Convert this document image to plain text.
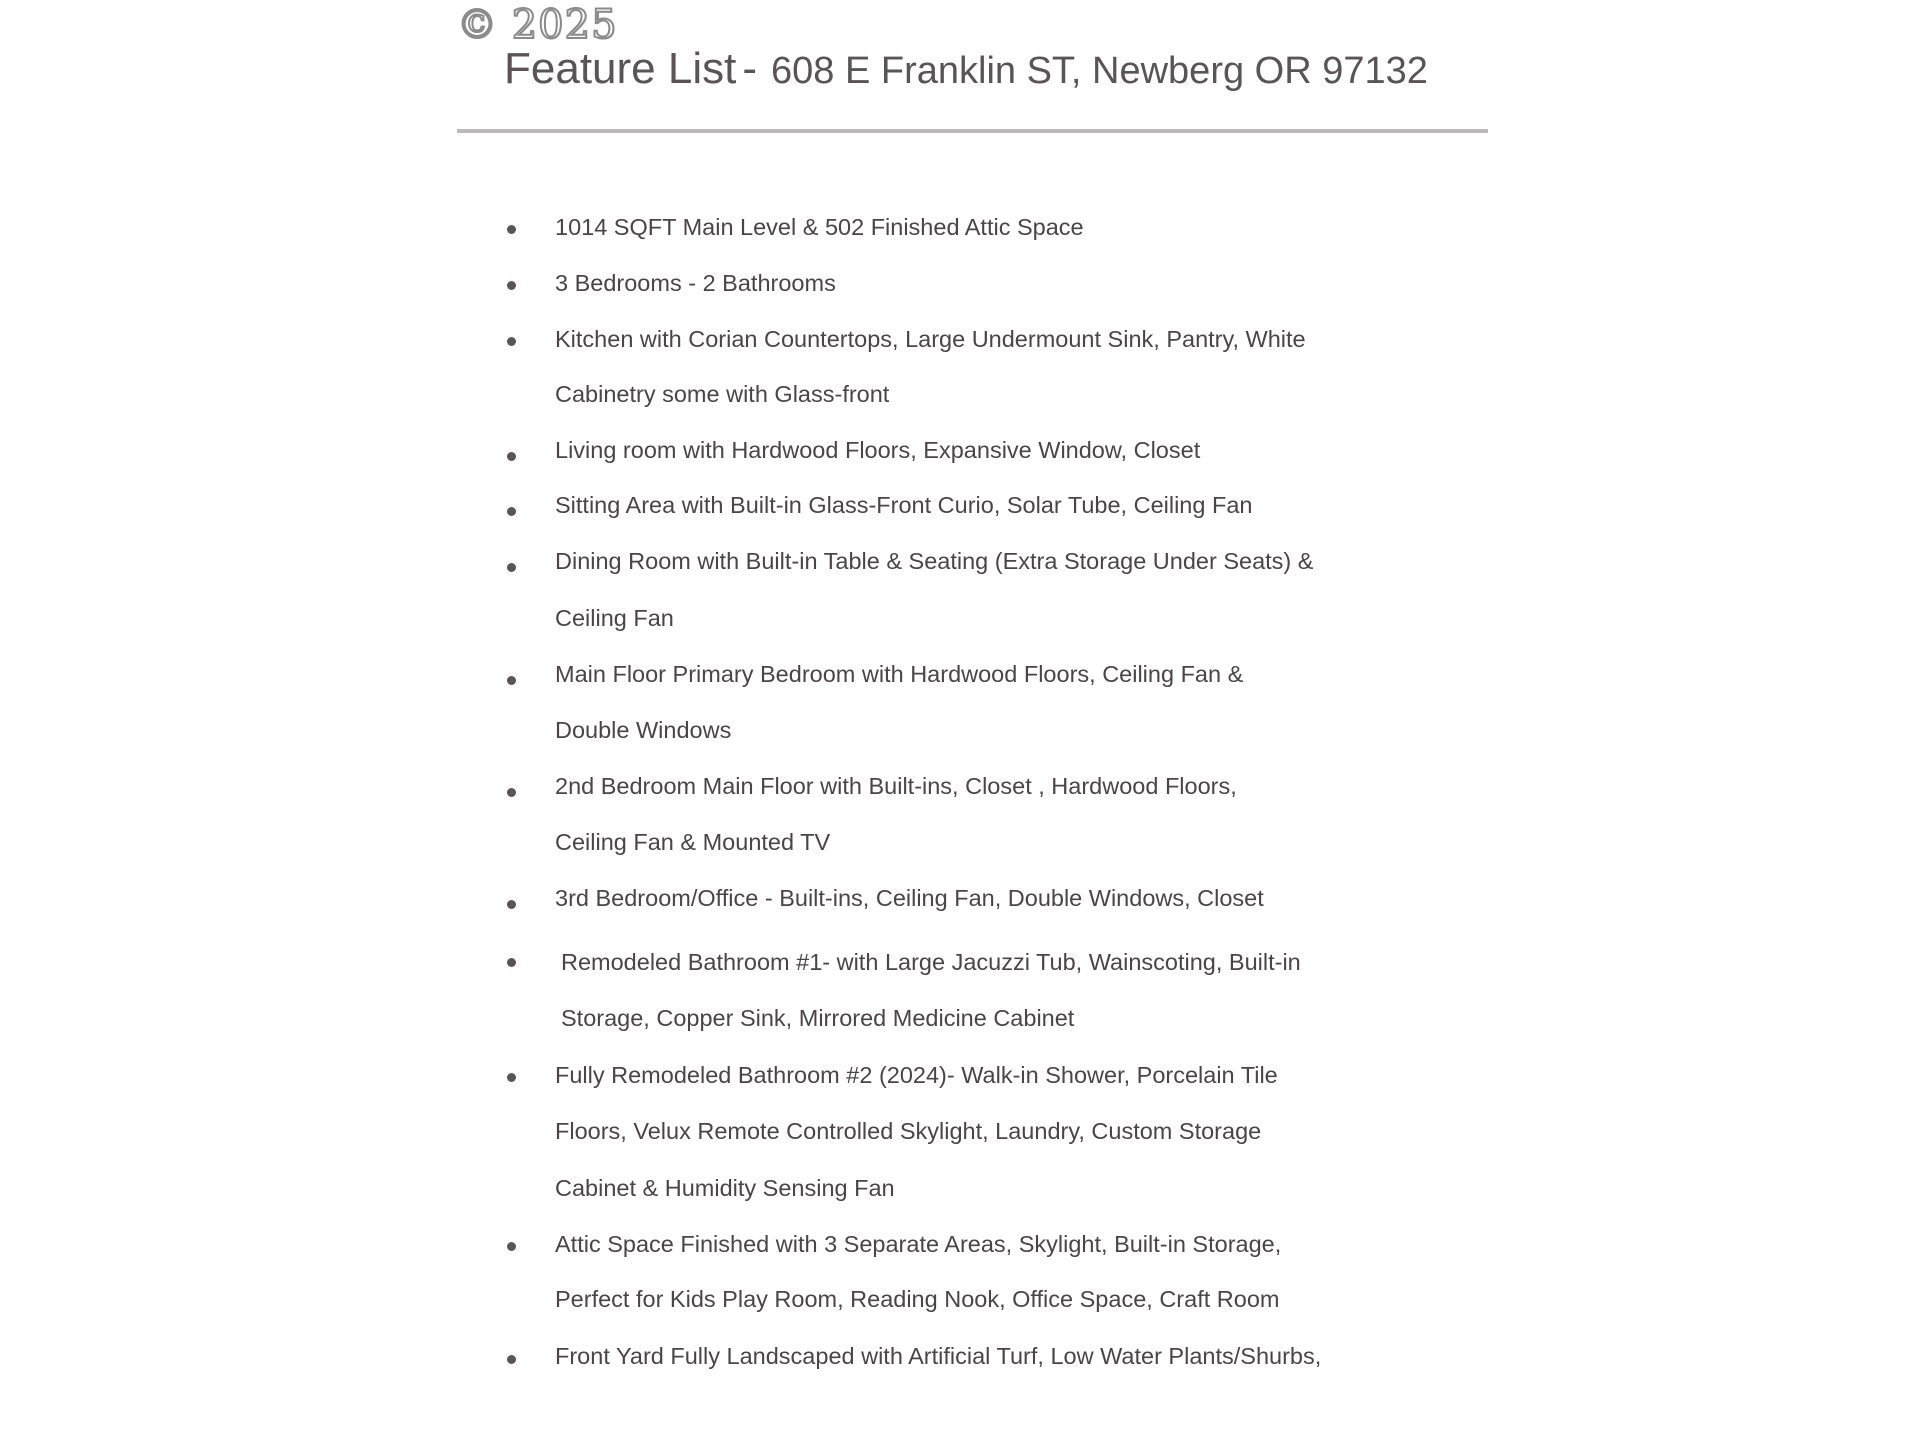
© 2025
Feature List - 608 E Franklin ST, Newberg OR 97132
1014 SQFT Main Level & 502 Finished Attic Space
3 Bedrooms - 2 Bathrooms
Kitchen with Corian Countertops, Large Undermount Sink, Pantry, White
Cabinetry some with Glass-front
Living room with Hardwood Floors, Expansive Window, Closet
Sitting Area with Built-in Glass-Front Curio, Solar Tube, Ceiling Fan
Dining Room with Built-in Table & Seating (Extra Storage Under Seats) &
Ceiling Fan
Main Floor Primary Bedroom with Hardwood Floors, Ceiling Fan &
Double Windows
2nd Bedroom Main Floor with Built-ins, Closet , Hardwood Floors,
Ceiling Fan & Mounted TV
3rd Bedroom/Office - Built-ins, Ceiling Fan, Double Windows, Closet
Remodeled Bathroom #1- with Large Jacuzzi Tub, Wainscoting, Built-in
Storage, Copper Sink, Mirrored Medicine Cabinet
Fully Remodeled Bathroom #2 (2024)- Walk-in Shower, Porcelain Tile
Floors, Velux Remote Controlled Skylight, Laundry, Custom Storage
Cabinet & Humidity Sensing Fan
Attic Space Finished with 3 Separate Areas, Skylight, Built-in Storage,
Perfect for Kids Play Room, Reading Nook, Office Space, Craft Room
Front Yard Fully Landscaped with Artificial Turf, Low Water Plants/Shurbs,
